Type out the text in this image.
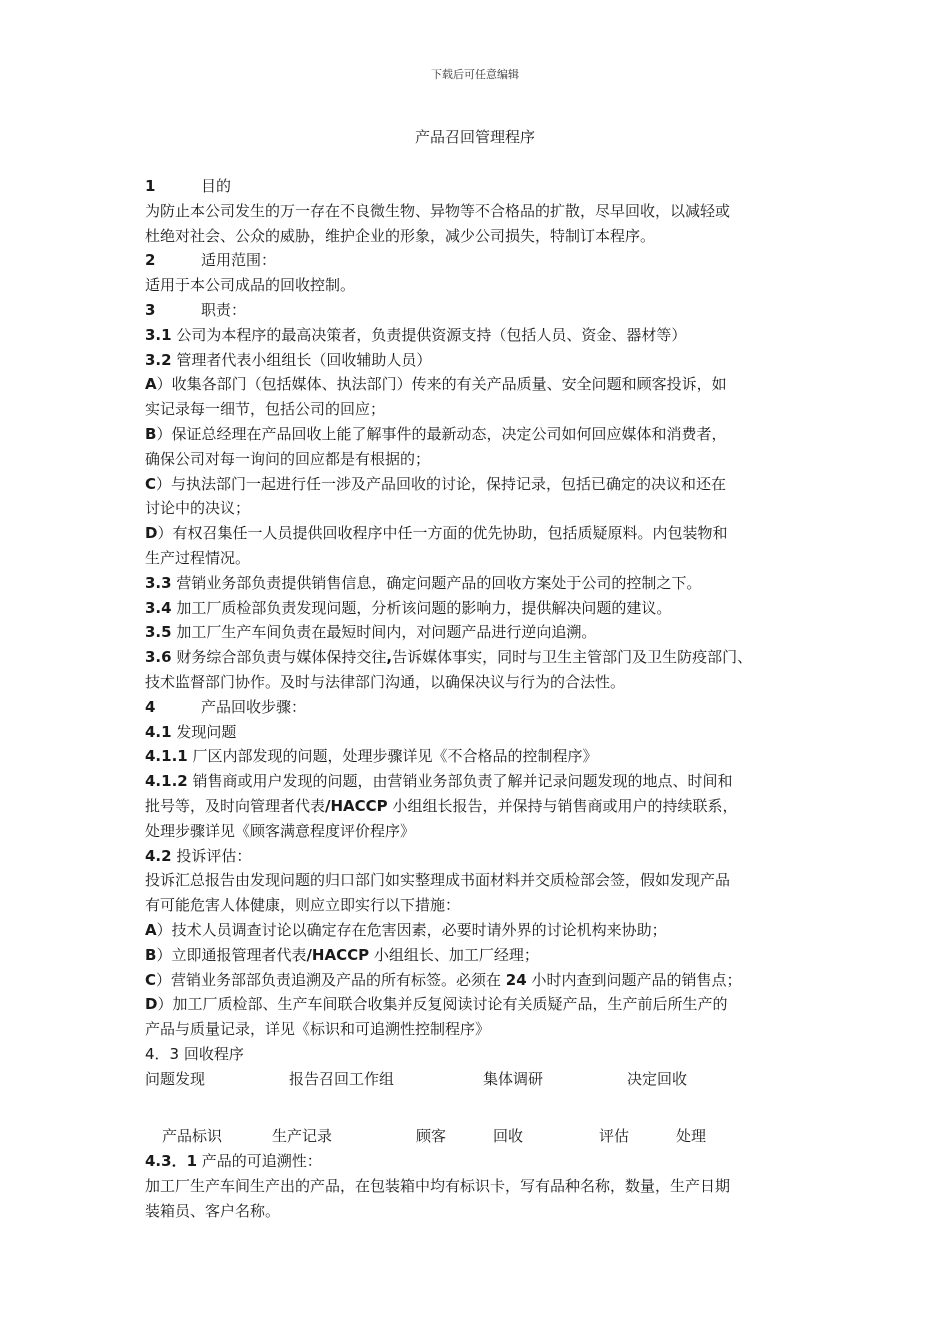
下载后可任意编辑
产品召回管理程序
1	目的
为防止本公司发生的万一存在不良微生物、异物等不合格品的扩散，尽早回收，以减轻或
杜绝对社会、公众的威胁，维护企业的形象，减少公司损失，特制订本程序。
2	适用范围：
适用于本公司成品的回收控制。
3	职责：
3.1 公司为本程序的最高决策者，负责提供资源支持（包括人员、资金、器材等）
3.2 管理者代表小组组长（回收辅助人员）
A）收集各部门（包括媒体、执法部门）传来的有关产品质量、安全问题和顾客投诉，如
实记录每一细节，包括公司的回应；
B）保证总经理在产品回收上能了解事件的最新动态，决定公司如何回应媒体和消费者，
确保公司对每一询问的回应都是有根据的；
C）与执法部门一起进行任一涉及产品回收的讨论，保持记录，包括已确定的决议和还在
讨论中的决议；
D）有权召集任一人员提供回收程序中任一方面的优先协助，包括质疑原料。内包装物和
生产过程情况。
3.3 营销业务部负责提供销售信息，确定问题产品的回收方案处于公司的控制之下。
3.4 加工厂质检部负责发现问题，分析该问题的影响力，提供解决问题的建议。
3.5 加工厂生产车间负责在最短时间内，对问题产品进行逆向追溯。
3.6 财务综合部负责与媒体保持交往,告诉媒体事实，同时与卫生主管部门及卫生防疫部门、
技术监督部门协作。及时与法律部门沟通，以确保决议与行为的合法性。
4	产品回收步骤：
4.1 发现问题
4.1.1 厂区内部发现的问题，处理步骤详见《不合格品的控制程序》
4.1.2 销售商或用户发现的问题，由营销业务部负责了解并记录问题发现的地点、时间和
批号等，及时向管理者代表/HACCP 小组组长报告，并保持与销售商或用户的持续联系，
处理步骤详见《顾客满意程度评价程序》
4.2 投诉评估：
投诉汇总报告由发现问题的归口部门如实整理成书面材料并交质检部会签，假如发现产品
有可能危害人体健康，则应立即实行以下措施：
A）技术人员调查讨论以确定存在危害因素，必要时请外界的讨论机构来协助；
B）立即通报管理者代表/HACCP 小组组长、加工厂经理；
C）营销业务部部负责追溯及产品的所有标签。必须在 24 小时内查到问题产品的销售点；
D）加工厂质检部、生产车间联合收集并反复阅读讨论有关质疑产品，生产前后所生产的
产品与质量记录，详见《标识和可追溯性控制程序》
4．3 回收程序
问题发现	报告召回工作组	集体调研	决定回收
产品标识	生产记录	顾客	回收	评估	处理
4.3．1 产品的可追溯性：
加工厂生产车间生产出的产品，在包装箱中均有标识卡，写有品种名称，数量，生产日期
装箱员、客户名称。
